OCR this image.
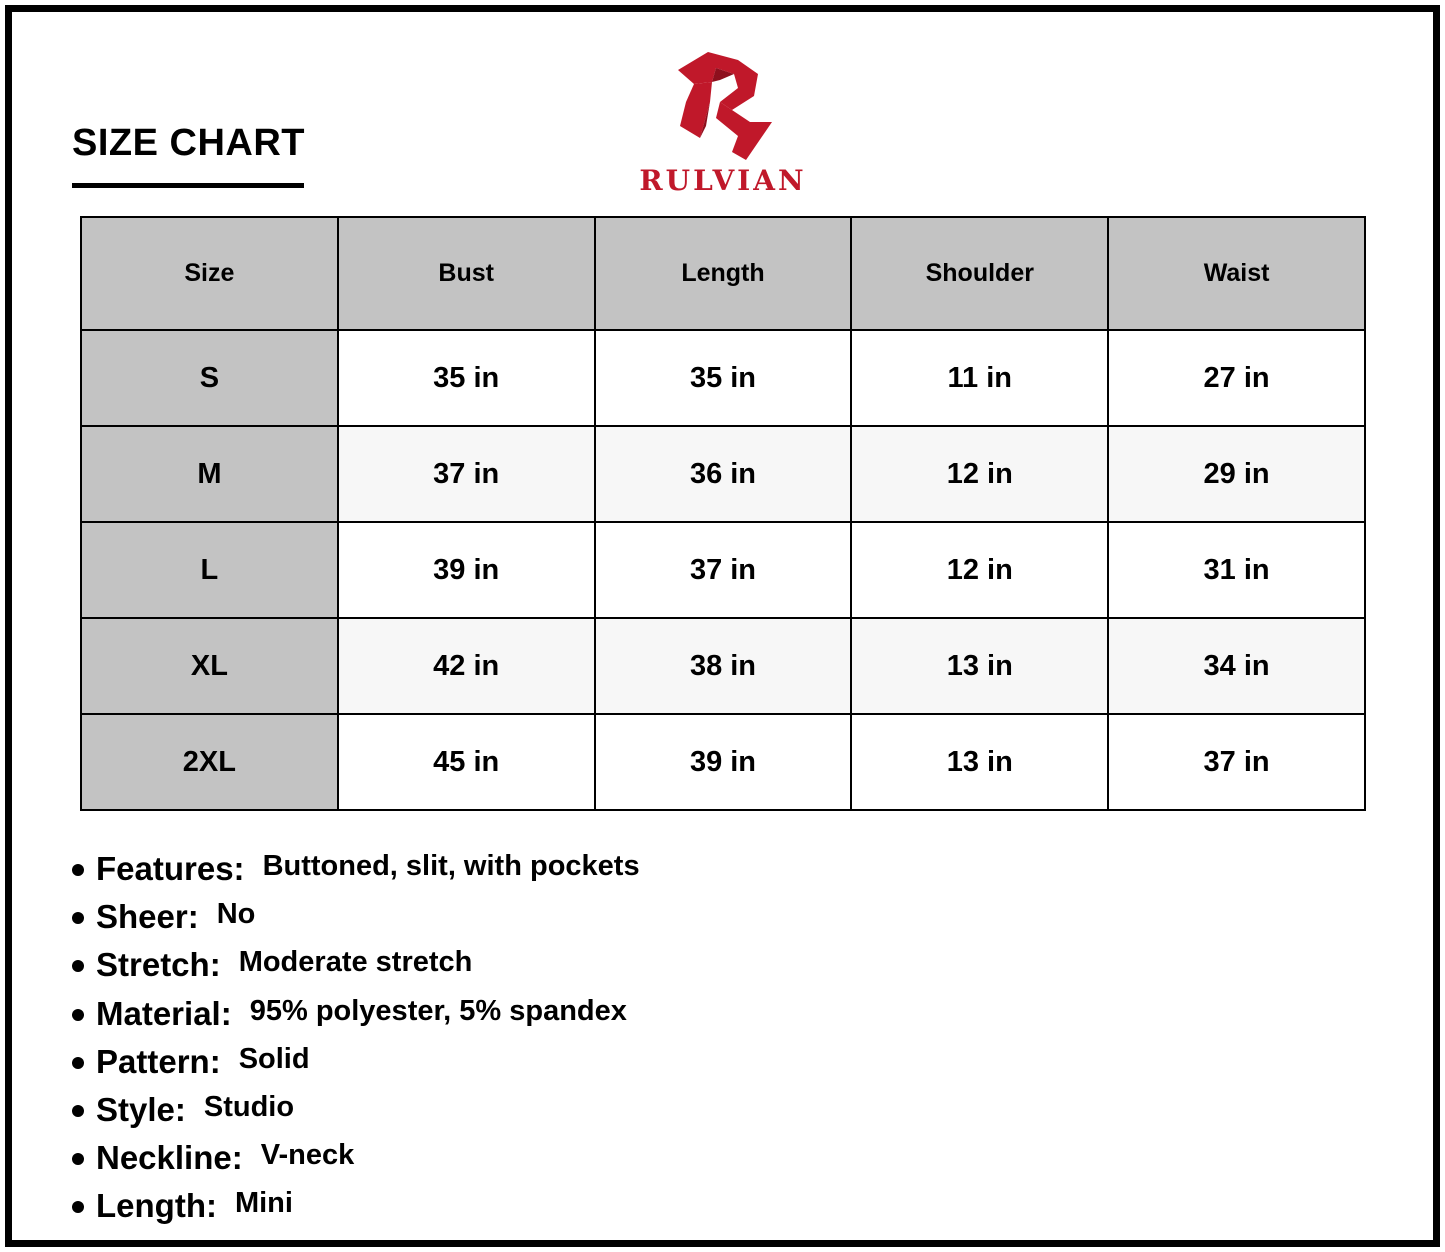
SIZE CHART
RULVIAN
Size	Bust	Length	Shoulder	Waist
S	35 in	35 in	11 in	27 in
M	37 in	36 in	12 in	29 in
L	39 in	37 in	12 in	31 in
XL	42 in	38 in	13 in	34 in
2XL	45 in	39 in	13 in	37 in
Features: Buttoned, slit, with pockets
Sheer: No
Stretch: Moderate stretch
Material: 95% polyester, 5% spandex
Pattern: Solid
Style: Studio
Neckline: V-neck
Length: Mini
